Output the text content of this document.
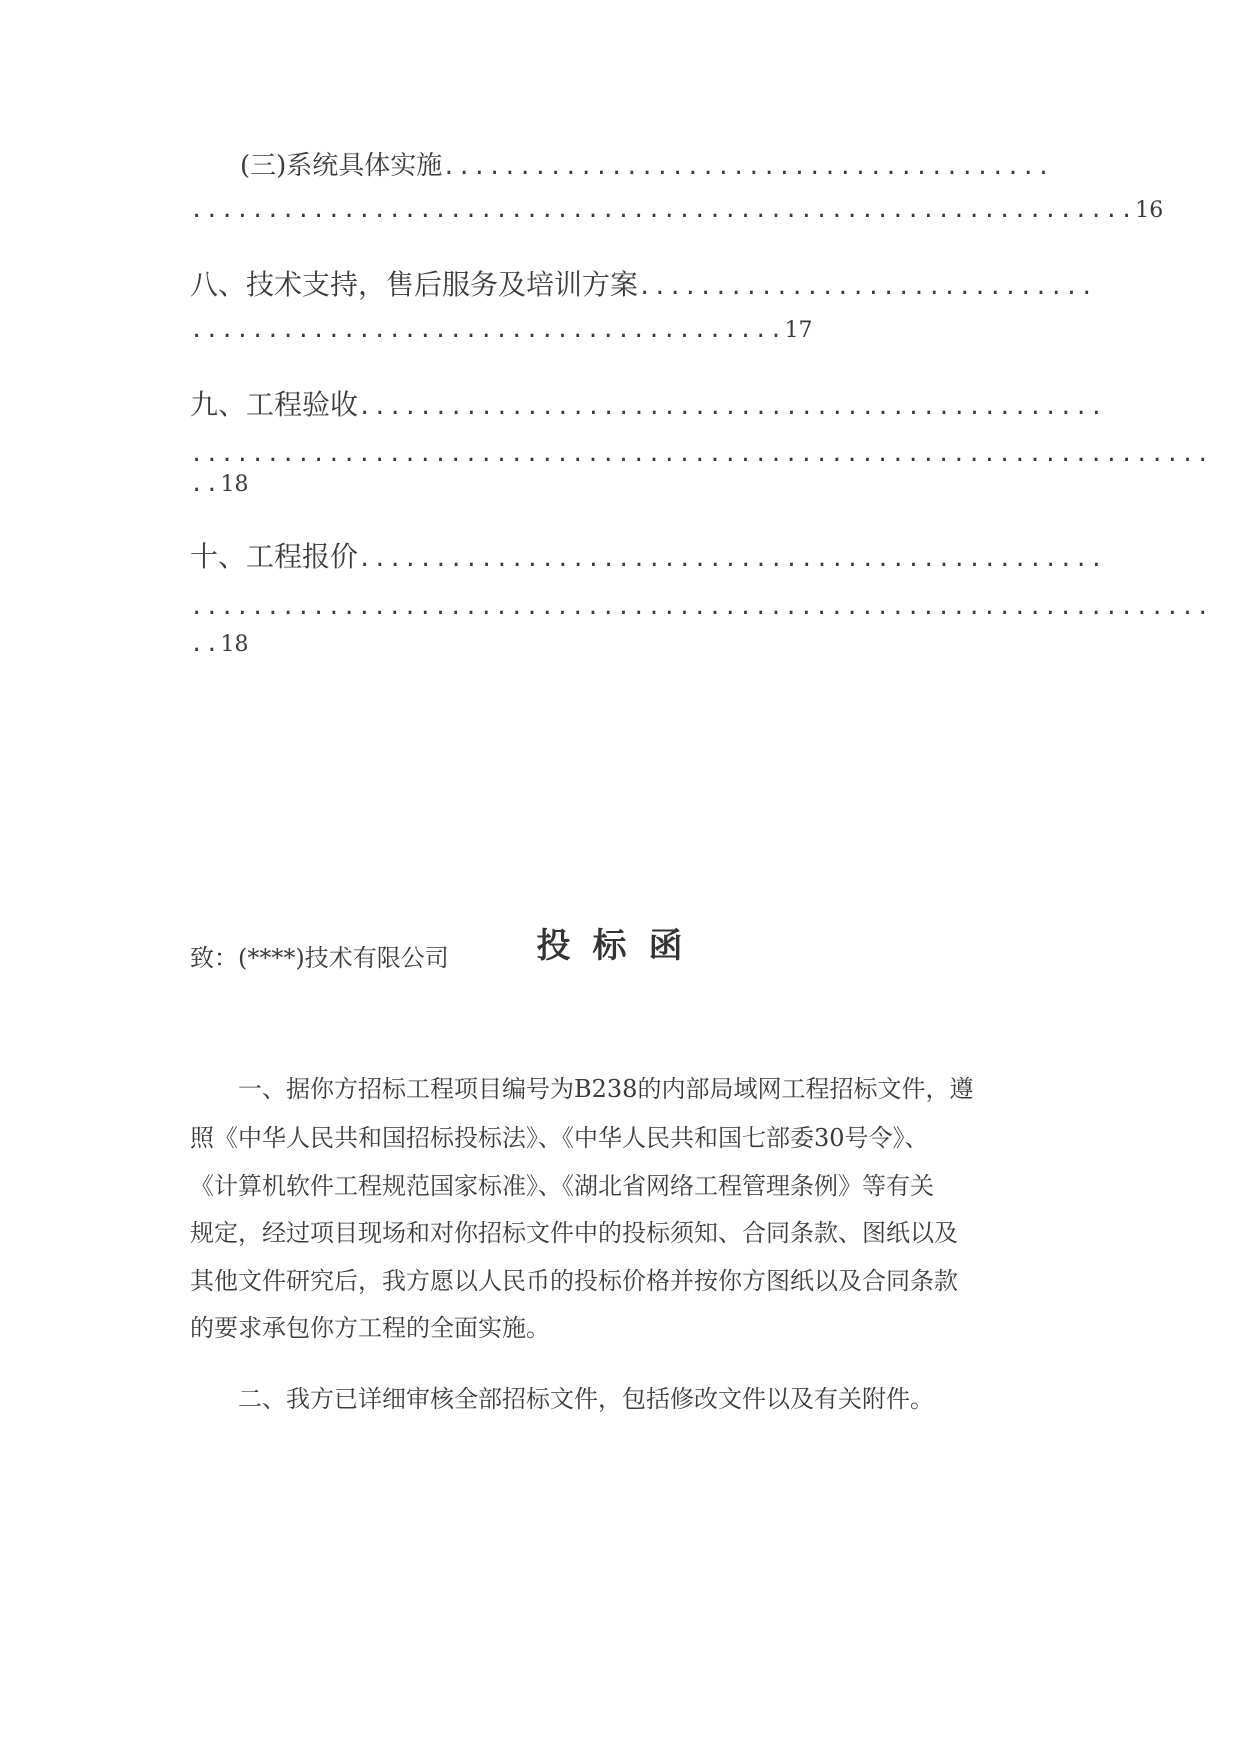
(三)系统具体实施........................................
..............................................................16
八、技术支持，售后服务及培训方案..............................
.......................................17
九、工程验收.................................................
...................................................................
..18
十、工程报价.................................................
...................................................................
..18
投标函
致：(****)技术有限公司
一、据你方招标工程项目编号为B238的内部局域网工程招标文件，遵
照《中华人民共和国招标投标法》、《中华人民共和国七部委30号令》、
《计算机软件工程规范国家标准》、《湖北省网络工程管理条例》等有关
规定，经过项目现场和对你招标文件中的投标须知、合同条款、图纸以及
其他文件研究后，我方愿以人民币的投标价格并按你方图纸以及合同条款
的要求承包你方工程的全面实施。
二、我方已详细审核全部招标文件，包括修改文件以及有关附件。
